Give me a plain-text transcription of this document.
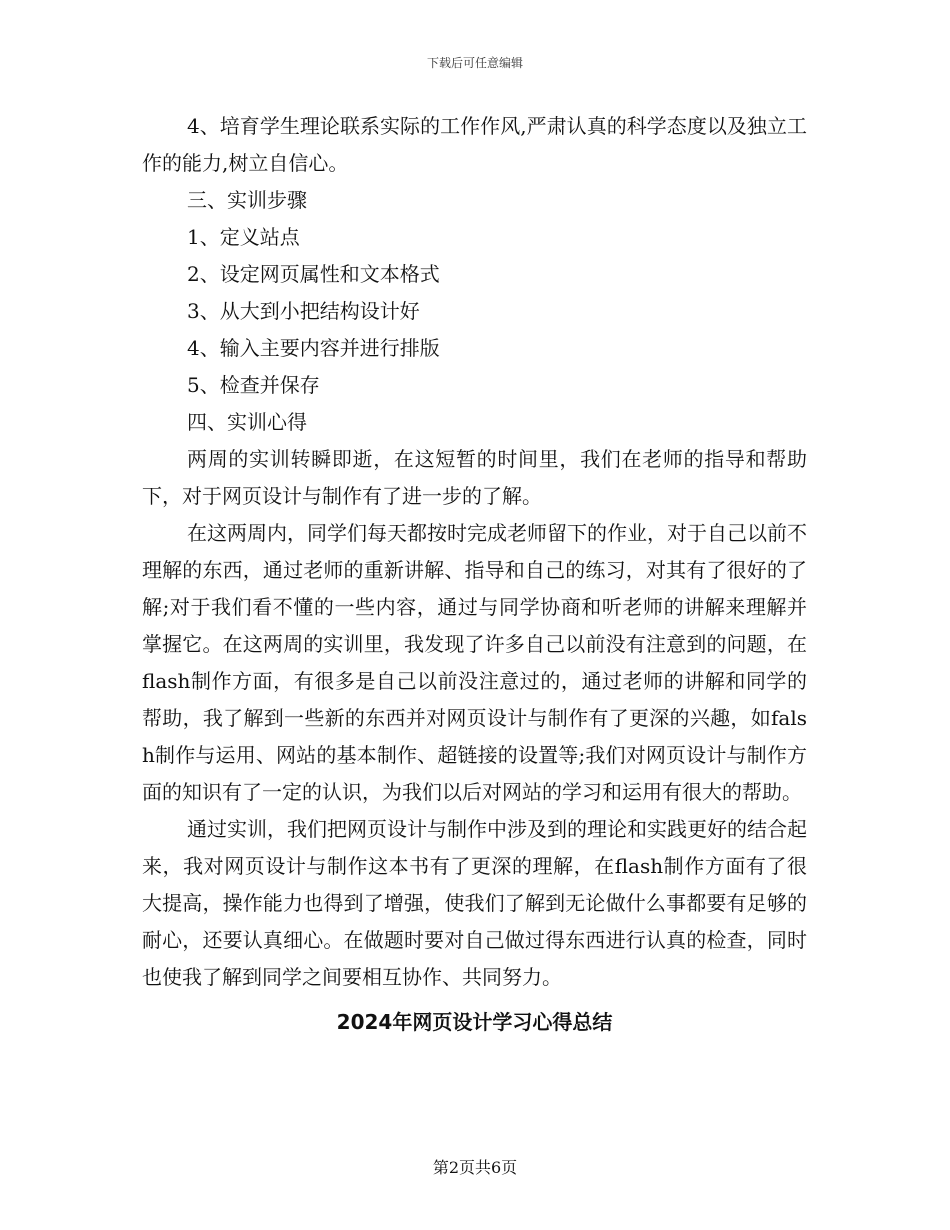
下载后可任意编辑

4、培育学生理论联系实际的工作作风,严肃认真的科学态度以及独立工作的能力,树立自信心。

三、实训步骤

1、定义站点

2、设定网页属性和文本格式

3、从大到小把结构设计好

4、输入主要内容并进行排版

5、检查并保存

四、实训心得

两周的实训转瞬即逝，在这短暂的时间里，我们在老师的指导和帮助下，对于网页设计与制作有了进一步的了解。

在这两周内，同学们每天都按时完成老师留下的作业，对于自己以前不理解的东西，通过老师的重新讲解、指导和自己的练习，对其有了很好的了解;对于我们看不懂的一些内容，通过与同学协商和听老师的讲解来理解并掌握它。在这两周的实训里，我发现了许多自己以前没有注意到的问题，在flash制作方面，有很多是自己以前没注意过的，通过老师的讲解和同学的帮助，我了解到一些新的东西并对网页设计与制作有了更深的兴趣，如falsh制作与运用、网站的基本制作、超链接的设置等;我们对网页设计与制作方面的知识有了一定的认识，为我们以后对网站的学习和运用有很大的帮助。

通过实训，我们把网页设计与制作中涉及到的理论和实践更好的结合起来，我对网页设计与制作这本书有了更深的理解，在flash制作方面有了很大提高，操作能力也得到了增强，使我们了解到无论做什么事都要有足够的耐心，还要认真细心。在做题时要对自己做过得东西进行认真的检查，同时也使我了解到同学之间要相互协作、共同努力。

2024年网页设计学习心得总结

第2页共6页
